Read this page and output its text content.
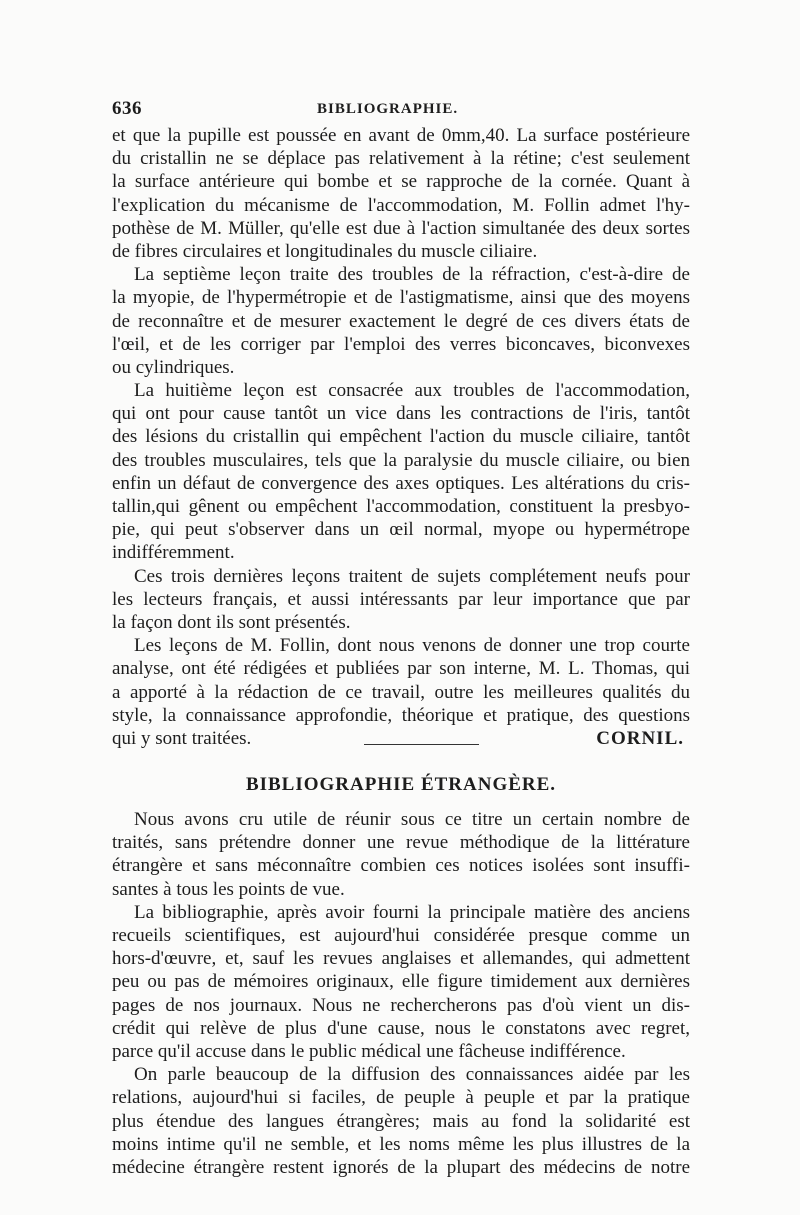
636	BIBLIOGRAPHIE.
et que la pupille est poussée en avant de 0mm,40. La surface postérieure
du cristallin ne se déplace pas relativement à la rétine; c'est seulement
la surface antérieure qui bombe et se rapproche de la cornée. Quant à
l'explication du mécanisme de l'accommodation, M. Follin admet l'hy-
pothèse de M. Müller, qu'elle est due à l'action simultanée des deux sortes
de fibres circulaires et longitudinales du muscle ciliaire.
La septième leçon traite des troubles de la réfraction, c'est-à-dire de
la myopie, de l'hypermétropie et de l'astigmatisme, ainsi que des moyens
de reconnaître et de mesurer exactement le degré de ces divers états de
l'œil, et de les corriger par l'emploi des verres biconcaves, biconvexes
ou cylindriques.
La huitième leçon est consacrée aux troubles de l'accommodation,
qui ont pour cause tantôt un vice dans les contractions de l'iris, tantôt
des lésions du cristallin qui empêchent l'action du muscle ciliaire, tantôt
des troubles musculaires, tels que la paralysie du muscle ciliaire, ou bien
enfin un défaut de convergence des axes optiques. Les altérations du cris-
tallin,qui gênent ou empêchent l'accommodation, constituent la presbyo-
pie, qui peut s'observer dans un œil normal, myope ou hypermétrope
indifféremment.
Ces trois dernières leçons traitent de sujets complétement neufs pour
les lecteurs français, et aussi intéressants par leur importance que par
la façon dont ils sont présentés.
Les leçons de M. Follin, dont nous venons de donner une trop courte
analyse, ont été rédigées et publiées par son interne, M. L. Thomas, qui
a apporté à la rédaction de ce travail, outre les meilleures qualités du
style, la connaissance approfondie, théorique et pratique, des questions
qui y sont traitées.	CORNIL.
BIBLIOGRAPHIE ÉTRANGÈRE.
Nous avons cru utile de réunir sous ce titre un certain nombre de
traités, sans prétendre donner une revue méthodique de la littérature
étrangère et sans méconnaître combien ces notices isolées sont insuffi-
santes à tous les points de vue.
La bibliographie, après avoir fourni la principale matière des anciens
recueils scientifiques, est aujourd'hui considérée presque comme un
hors-d'œuvre, et, sauf les revues anglaises et allemandes, qui admettent
peu ou pas de mémoires originaux, elle figure timidement aux dernières
pages de nos journaux. Nous ne rechercherons pas d'où vient un dis-
crédit qui relève de plus d'une cause, nous le constatons avec regret,
parce qu'il accuse dans le public médical une fâcheuse indifférence.
On parle beaucoup de la diffusion des connaissances aidée par les
relations, aujourd'hui si faciles, de peuple à peuple et par la pratique
plus étendue des langues étrangères; mais au fond la solidarité est
moins intime qu'il ne semble, et les noms même les plus illustres de la
médecine étrangère restent ignorés de la plupart des médecins de notre
